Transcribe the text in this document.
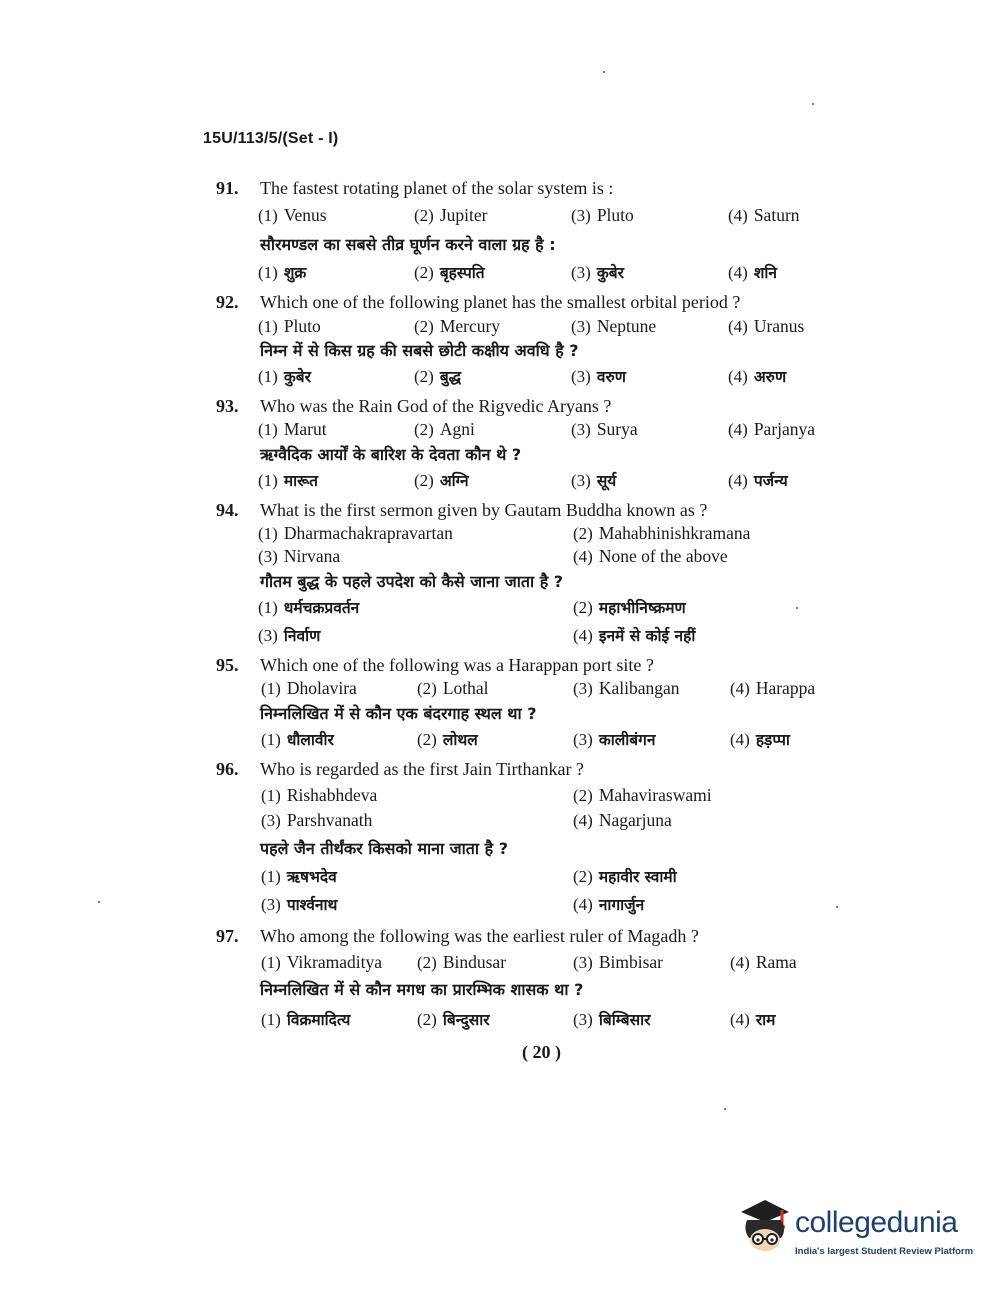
15U/113/5/(Set - I)
91. The fastest rotating planet of the solar system is :
(1) Venus	(2) Jupiter	(3) Pluto	(4) Saturn
सौरमण्डल का सबसे तीव्र घूर्णन करने वाला ग्रह है :
(1) शुक्र	(2) बृहस्पति	(3) कुबेर	(4) शनि
92. Which one of the following planet has the smallest orbital period ?
(1) Pluto	(2) Mercury	(3) Neptune	(4) Uranus
निम्न में से किस ग्रह की सबसे छोटी कक्षीय अवधि है ?
(1) कुबेर	(2) बुद्ध	(3) वरुण	(4) अरुण
93. Who was the Rain God of the Rigvedic Aryans ?
(1) Marut	(2) Agni	(3) Surya	(4) Parjanya
ऋग्वैदिक आर्यों के बारिश के देवता कौन थे ?
(1) मारूत	(2) अग्नि	(3) सूर्य	(4) पर्जन्य
94. What is the first sermon given by Gautam Buddha known as ?
(1) Dharmachakrapravartan	(2) Mahabhinishkramana
(3) Nirvana	(4) None of the above
गौतम बुद्ध के पहले उपदेश को कैसे जाना जाता है ?
(1) धर्मचक्रप्रवर्तन	(2) महाभीनिष्क्रमण
(3) निर्वाण	(4) इनमें से कोई नहीं
95. Which one of the following was a Harappan port site ?
(1) Dholavira	(2) Lothal	(3) Kalibangan	(4) Harappa
निम्नलिखित में से कौन एक बंदरगाह स्थल था ?
(1) धौलावीर	(2) लोथल	(3) कालीबंगन	(4) हड़प्पा
96. Who is regarded as the first Jain Tirthankar ?
(1) Rishabhdeva	(2) Mahaviraswami
(3) Parshvanath	(4) Nagarjuna
पहले जैन तीर्थंकर किसको माना जाता है ?
(1) ऋषभदेव	(2) महावीर स्वामी
(3) पार्श्वनाथ	(4) नागार्जुन
97. Who among the following was the earliest ruler of Magadh ?
(1) Vikramaditya (2) Bindusar	(3) Bimbisar	(4) Rama
निम्नलिखित में से कौन मगध का प्रारम्भिक शासक था ?
(1) विक्रमादित्य	(2) बिन्दुसार	(3) बिम्बिसार	(4) राम
( 20 )
collegedunia
India's largest Student Review Platform
